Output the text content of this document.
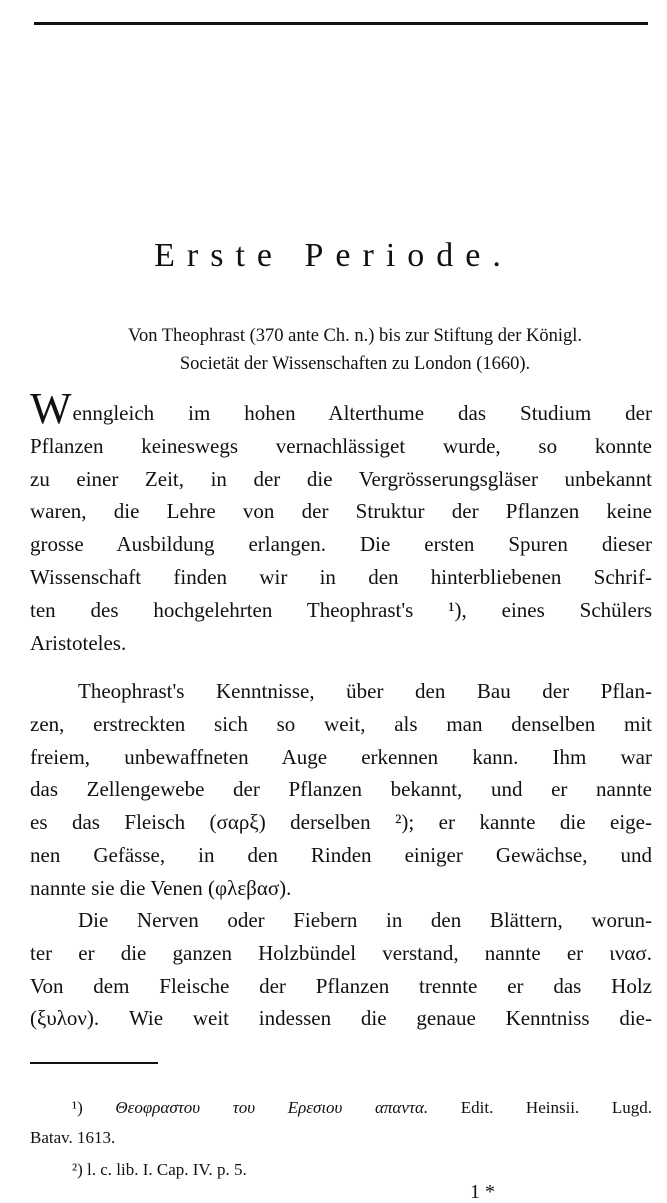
Erste Periode.
Von Theophrast (370 ante Ch. n.) bis zur Stiftung der Königl.
Societät der Wissenschaften zu London (1660).
Wenngleich im hohen Alterthume das Studium der
Pflanzen keineswegs vernachlässiget wurde, so konnte
zu einer Zeit, in der die Vergrösserungsgläser unbekannt
waren, die Lehre von der Struktur der Pflanzen keine
grosse Ausbildung erlangen. Die ersten Spuren dieser
Wissenschaft finden wir in den hinterbliebenen Schrif-
ten des hochgelehrten Theophrast's ¹), eines Schülers
Aristoteles.
Theophrast's Kenntnisse, über den Bau der Pflan-
zen, erstreckten sich so weit, als man denselben mit
freiem, unbewaffneten Auge erkennen kann. Ihm war
das Zellengewebe der Pflanzen bekannt, und er nannte
es das Fleisch (σαρξ) derselben ²); er kannte die eige-
nen Gefässe, in den Rinden einiger Gewächse, und
nannte sie die Venen (φλεβασ).
Die Nerven oder Fiebern in den Blättern, worun-
ter er die ganzen Holzbündel verstand, nannte er ινασ.
Von dem Fleische der Pflanzen trennte er das Holz
(ξυλον). Wie weit indessen die genaue Kenntniss die-
¹) Θεοφραστου του Ερεσιου απαντα. Edit. Heinsii. Lugd.
Batav. 1613.
²) l. c. lib. I. Cap. IV. p. 5.
1 *
